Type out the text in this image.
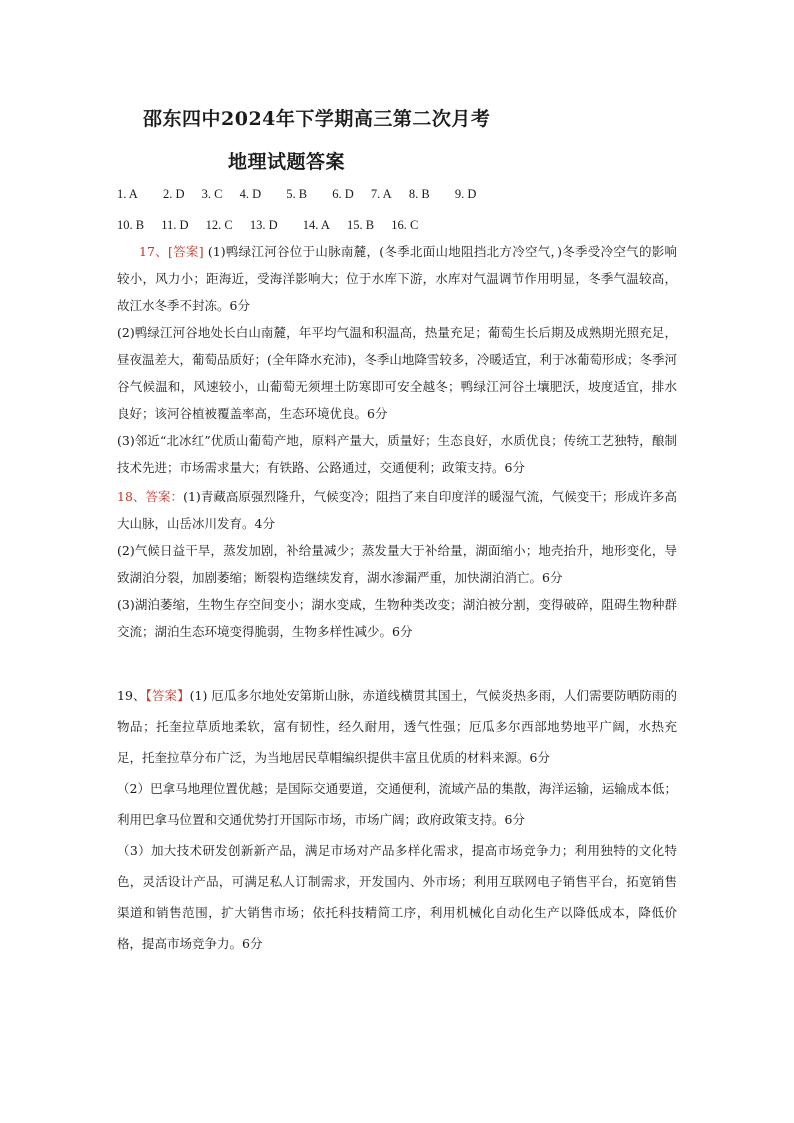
邵东四中2024年下学期高三第二次月考
地理试题答案
1. A 2. D 3. C 4. D 5. B 6. D 7. A 8. B 9. D
10. B 11. D 12. C 13. D 14. A 15. B 16. C

17、[答案] (1)鸭绿江河谷位于山脉南麓，(冬季北面山地阻挡北方冷空气，)冬季受冷空气的影响较小，风力小；距海近，受海洋影响大；位于水库下游，水库对气温调节作用明显，冬季气温较高，故江水冬季不封冻。6分

(2)鸭绿江河谷地处长白山南麓，年平均气温和积温高，热量充足；葡萄生长后期及成熟期光照充足，昼夜温差大，葡萄品质好；(全年降水充沛)，冬季山地降雪较多，冷暖适宜，利于冰葡萄形成；冬季河谷气候温和，风速较小，山葡萄无须埋土防寒即可安全越冬；鸭绿江河谷土壤肥沃，坡度适宜，排水良好；该河谷植被覆盖率高，生态环境优良。6分

(3)邻近“北冰红”优质山葡萄产地，原料产量大，质量好；生态良好，水质优良；传统工艺独特，酿制技术先进；市场需求量大；有铁路、公路通过，交通便利；政策支持。6分

18、答案：(1)青藏高原强烈隆升，气候变冷；阻挡了来自印度洋的暖湿气流，气候变干；形成许多高大山脉，山岳冰川发育。4分

(2)气候日益干旱，蒸发加剧，补给量减少；蒸发量大于补给量，湖面缩小；地壳抬升，地形变化，导致湖泊分裂，加剧萎缩；断裂构造继续发育，湖水渗漏严重，加快湖泊消亡。6分

(3)湖泊萎缩，生物生存空间变小；湖水变咸，生物种类改变；湖泊被分割，变得破碎，阻碍生物种群交流；湖泊生态环境变得脆弱，生物多样性减少。6分

19、【答案】(1) 厄瓜多尔地处安第斯山脉，赤道线横贯其国土，气候炎热多雨，人们需要防晒防雨的物品；托奎拉草质地柔软，富有韧性，经久耐用，透气性强；厄瓜多尔西部地势地平广阔，水热充足，托奎拉草分布广泛，为当地居民草帽编织提供丰富且优质的材料来源。6分

（2）巴拿马地理位置优越；是国际交通要道，交通便利，流域产品的集散，海洋运输，运输成本低；利用巴拿马位置和交通优势打开国际市场，市场广阔；政府政策支持。6分

（3）加大技术研发创新新产品，满足市场对产品多样化需求，提高市场竞争力；利用独特的文化特色，灵活设计产品，可满足私人订制需求，开发国内、外市场；利用互联网电子销售平台，拓宽销售渠道和销售范围，扩大销售市场；依托科技精简工序，利用机械化自动化生产以降低成本，降低价格，提高市场竞争力。6分
